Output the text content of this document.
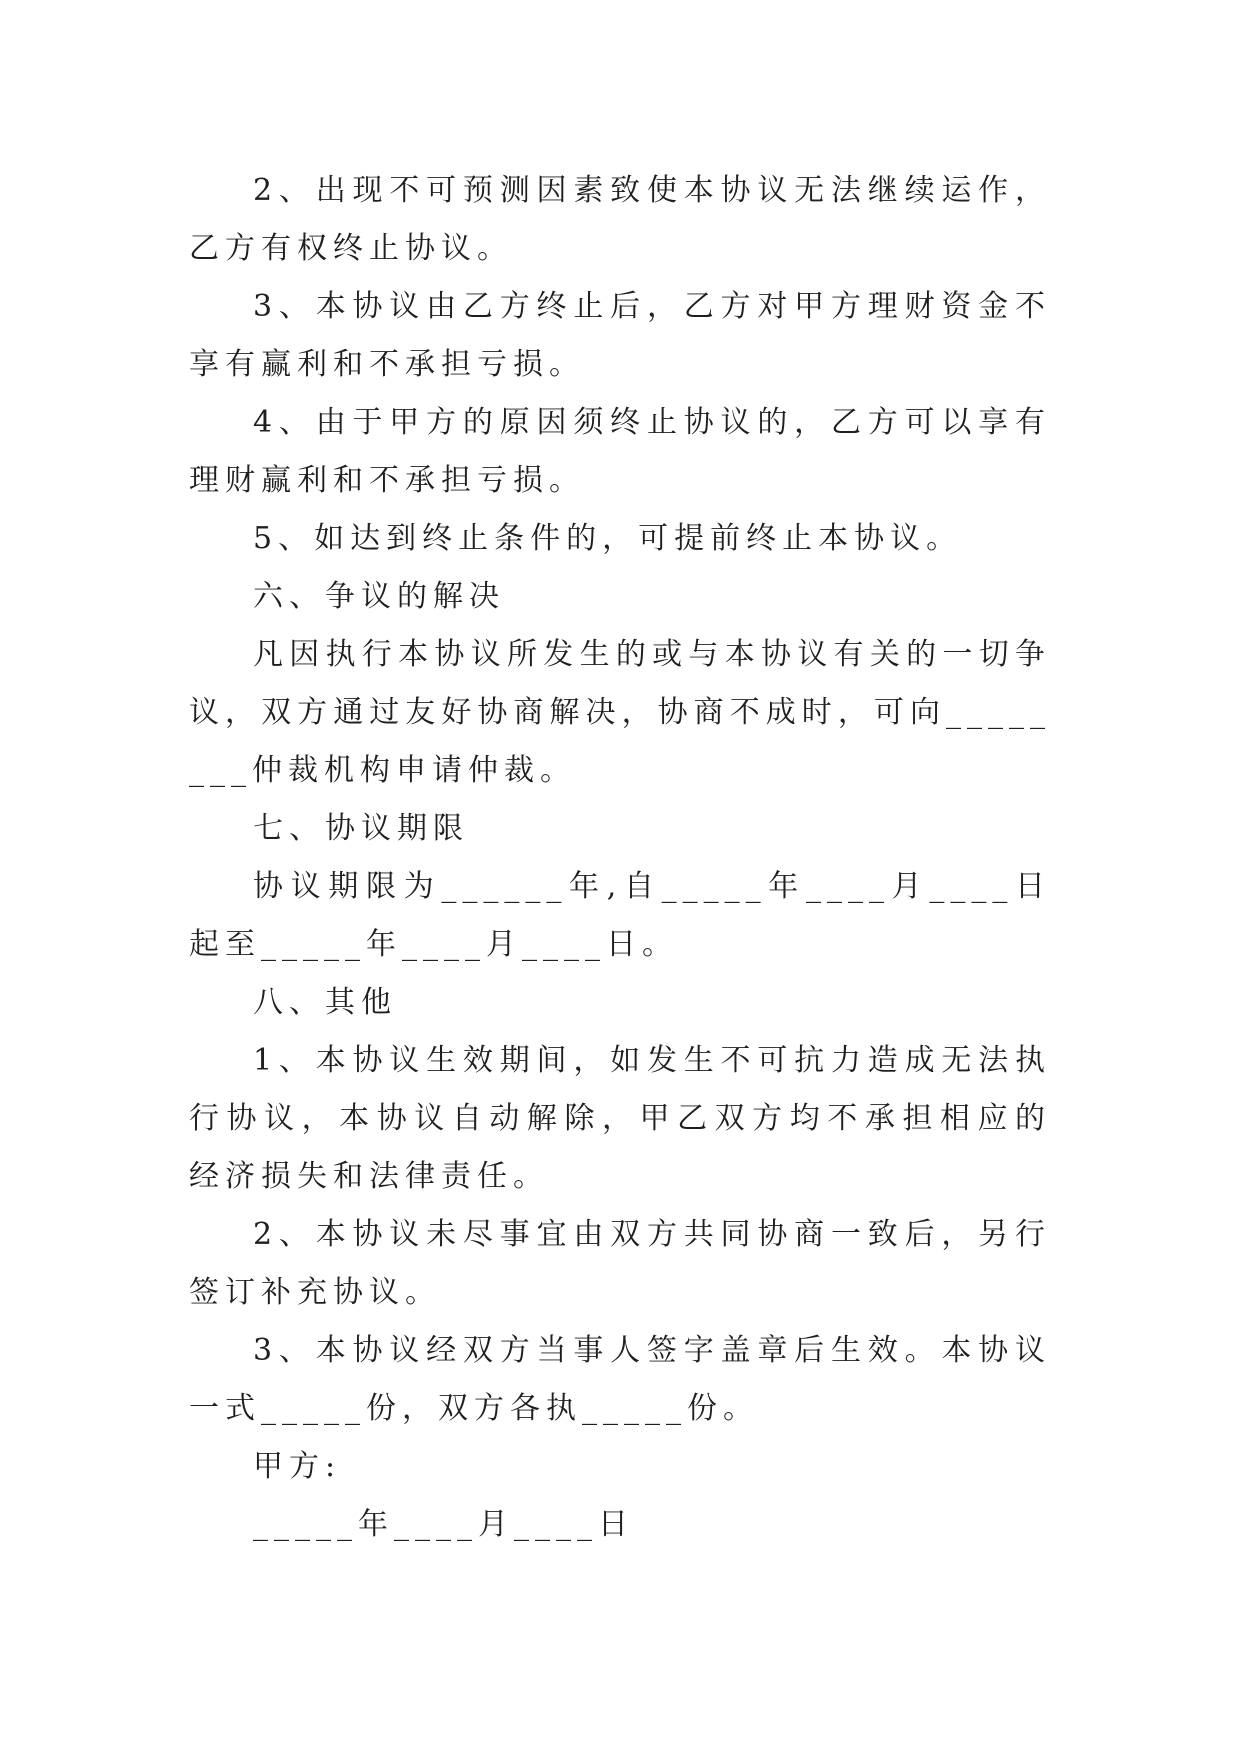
2、出现不可预测因素致使本协议无法继续运作，乙方有权终止协议。

3、本协议由乙方终止后，乙方对甲方理财资金不享有赢利和不承担亏损。

4、由于甲方的原因须终止协议的，乙方可以享有理财赢利和不承担亏损。

5、如达到终止条件的，可提前终止本协议。

六、争议的解决

凡因执行本协议所发生的或与本协议有关的一切争议，双方通过友好协商解决，协商不成时，可向________仲裁机构申请仲裁。

七、协议期限

协议期限为______年,自_____年____月____日起至_____年____月____日。

八、其他

1、本协议生效期间，如发生不可抗力造成无法执行协议，本协议自动解除，甲乙双方均不承担相应的经济损失和法律责任。

2、本协议未尽事宜由双方共同协商一致后，另行签订补充协议。

3、本协议经双方当事人签字盖章后生效。本协议一式_____份，双方各执_____份。

甲方:

_____年____月____日
